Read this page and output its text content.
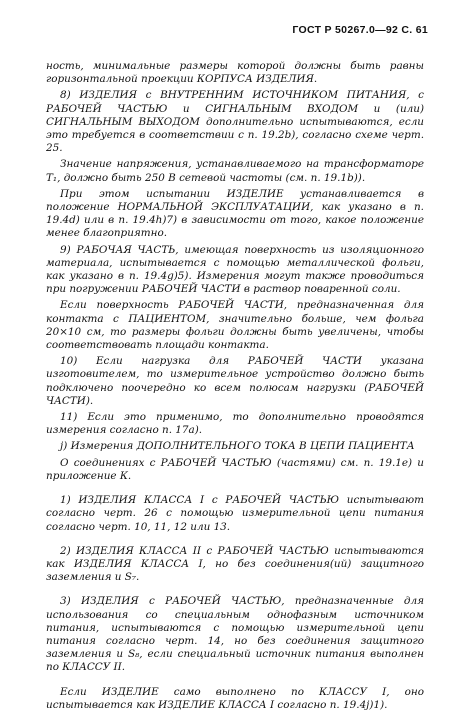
ГОСТ Р 50267.0—92 С. 61

ность, минимальные размеры которой должны быть равны горизонтальной проекции КОРПУСА ИЗДЕЛИЯ.

8) ИЗДЕЛИЯ с ВНУТРЕННИМ ИСТОЧНИКОМ ПИТАНИЯ, с РАБОЧЕЙ ЧАСТЬЮ и СИГНАЛЬНЫМ ВХОДОМ и (или) СИГНАЛЬНЫМ ВЫХОДОМ дополнительно испытываются, если это требуется в соответствии с п. 19.2b), согласно схеме черт. 25.

Значение напряжения, устанавливаемого на трансформаторе T₁, должно быть 250 В сетевой частоты (см. п. 19.1b)).

При этом испытании ИЗДЕЛИЕ устанавливается в положение НОРМАЛЬНОЙ ЭКСПЛУАТАЦИИ, как указано в п. 19.4d) или в п. 19.4h)7) в зависимости от того, какое положение менее благоприятно.

9) РАБОЧАЯ ЧАСТЬ, имеющая поверхность из изоляционного материала, испытывается с помощью металлической фольги, как указано в п. 19.4g)5). Измерения могут также проводиться при погружении РАБОЧЕЙ ЧАСТИ в раствор поваренной соли.

Если поверхность РАБОЧЕЙ ЧАСТИ, предназначенная для контакта с ПАЦИЕНТОМ, значительно больше, чем фольга 20×10 см, то размеры фольги должны быть увеличены, чтобы соответствовать площади контакта.

10) Если нагрузка для РАБОЧЕЙ ЧАСТИ указана изготовителем, то измерительное устройство должно быть подключено поочередно ко всем полюсам нагрузки (РАБОЧЕЙ ЧАСТИ).

11) Если это применимо, то дополнительно проводятся измерения согласно п. 17а).

j) Измерения ДОПОЛНИТЕЛЬНОГО ТОКА В ЦЕПИ ПАЦИЕНТА

О соединениях с РАБОЧЕЙ ЧАСТЬЮ (частями) см. п. 19.1е) и приложение К.

1) ИЗДЕЛИЯ КЛАССА I с РАБОЧЕЙ ЧАСТЬЮ испытывают согласно черт. 26 с помощью измерительной цепи питания согласно черт. 10, 11, 12 или 13.

2) ИЗДЕЛИЯ КЛАССА II с РАБОЧЕЙ ЧАСТЬЮ испытываются как ИЗДЕЛИЯ КЛАССА I, но без соединения(ий) защитного заземления и S₇.

3) ИЗДЕЛИЯ с РАБОЧЕЙ ЧАСТЬЮ, предназначенные для использования со специальным однофазным источником питания, испытываются с помощью измерительной цепи питания согласно черт. 14, но без соединения защитного заземления и S₈, если специальный источник питания выполнен по КЛАССУ II.

Если ИЗДЕЛИЕ само выполнено по КЛАССУ I, оно испытывается как ИЗДЕЛИЕ КЛАССА I согласно п. 19.4j)1).
